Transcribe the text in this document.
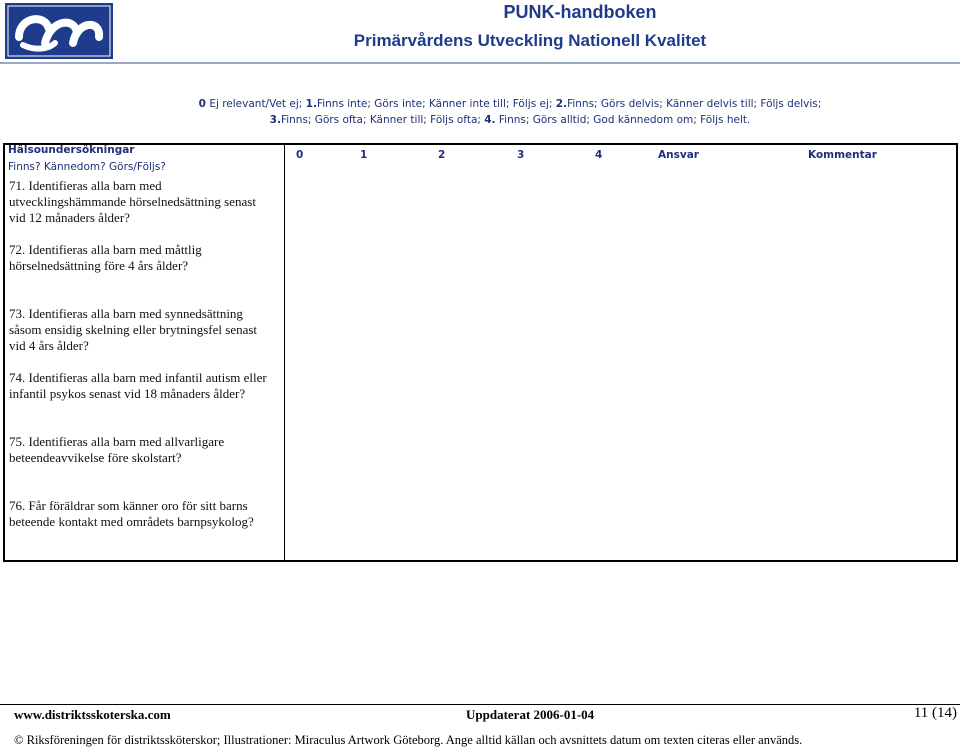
PUNK-handboken
Primärvårdens Utveckling Nationell Kvalitet
0 Ej relevant/Vet ej; 1.Finns inte; Görs inte; Känner inte till; Följs ej; 2.Finns; Görs delvis; Känner delvis till; Följs delvis;
3.Finns; Görs ofta; Känner till; Följs ofta; 4. Finns; Görs alltid; God kännedom om; Följs helt.
Hälsoundersökningar
Finns? Kännedom? Görs/Följs?
0	1	2	3	4	Ansvar	Kommentar
71. Identifieras alla barn med utvecklingshämmande hörselnedsättning senast vid 12 månaders ålder?
72. Identifieras alla barn med måttlig hörselnedsättning före 4 års ålder?
73. Identifieras alla barn med synnedsättning såsom ensidig skelning eller brytningsfel senast vid 4 års ålder?
74. Identifieras alla barn med infantil autism eller infantil psykos senast vid 18 månaders ålder?
75. Identifieras alla barn med allvarligare beteendeavvikelse före skolstart?
76. Får föräldrar som känner oro för sitt barns beteende kontakt med områdets barnpsykolog?
www.distriktsskoterska.com	Uppdaterat 2006-01-04	11 (14)
© Riksföreningen för distriktssköterskor; Illustrationer: Miraculus Artwork Göteborg. Ange alltid källan och avsnittets datum om texten citeras eller används.
